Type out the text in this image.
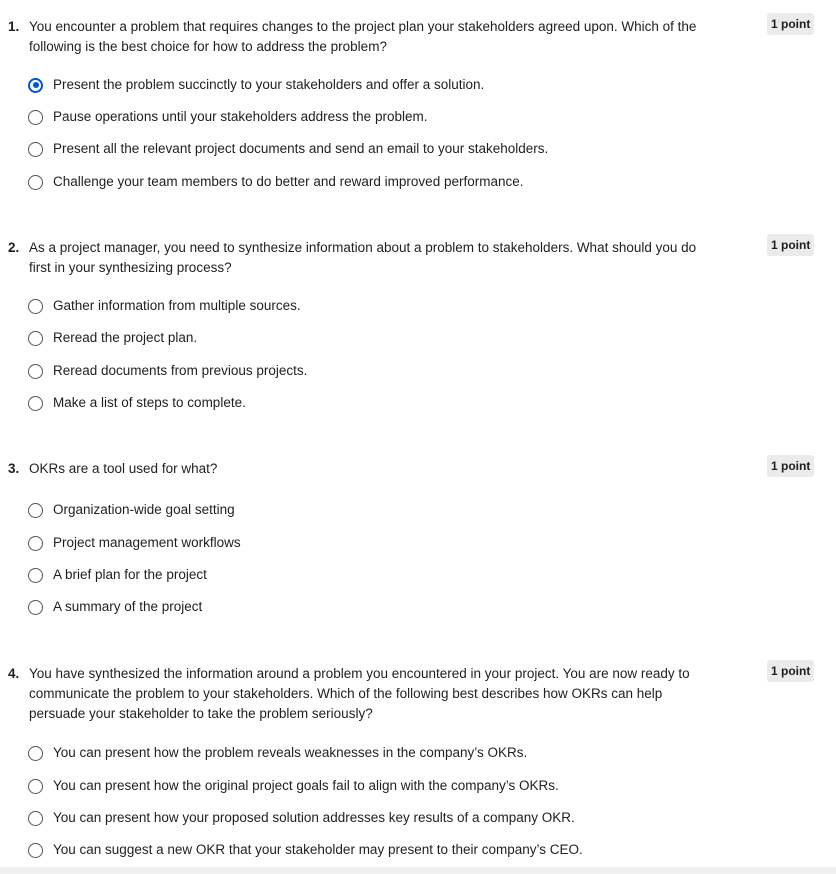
1. You encounter a problem that requires changes to the project plan your stakeholders agreed upon. Which of the following is the best choice for how to address the problem?
1 point
Present the problem succinctly to your stakeholders and offer a solution.
Pause operations until your stakeholders address the problem.
Present all the relevant project documents and send an email to your stakeholders.
Challenge your team members to do better and reward improved performance.
2. As a project manager, you need to synthesize information about a problem to stakeholders. What should you do first in your synthesizing process?
1 point
Gather information from multiple sources.
Reread the project plan.
Reread documents from previous projects.
Make a list of steps to complete.
3. OKRs are a tool used for what?	1 point
Organization-wide goal setting
Project management workflows
A brief plan for the project
A summary of the project
4. You have synthesized the information around a problem you encountered in your project. You are now ready to communicate the problem to your stakeholders. Which of the following best describes how OKRs can help persuade your stakeholder to take the problem seriously?
1 point
You can present how the problem reveals weaknesses in the company’s OKRs.
You can present how the original project goals fail to align with the company’s OKRs.
You can present how your proposed solution addresses key results of a company OKR.
You can suggest a new OKR that your stakeholder may present to their company’s CEO.
